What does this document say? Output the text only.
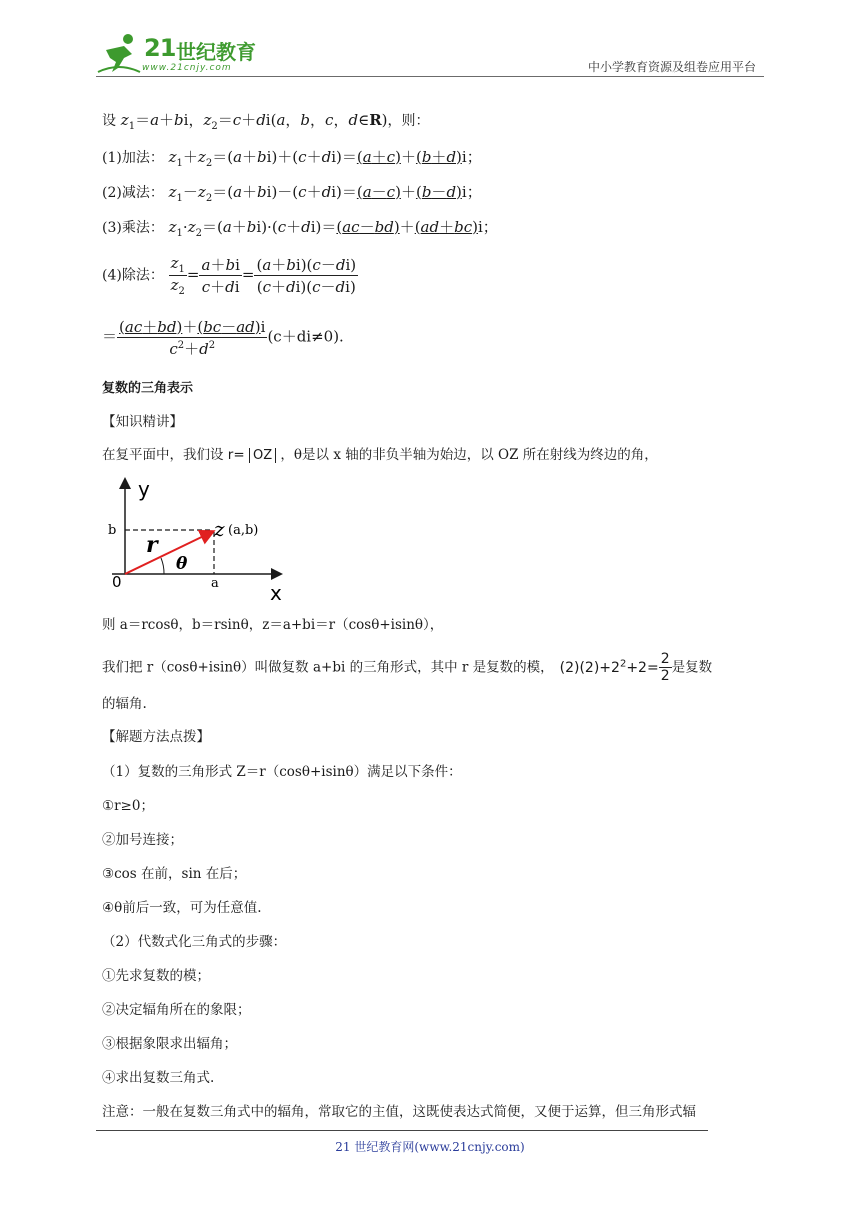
21 世纪教育
www.21cnjy.com	中小学教育资源及组卷应用平台
设 $z_1=a+bi$，$z_2=c+di(a$，b，c，d∈R)，则：
(1)加法： $z_1+z_2=(a+bi)+(c+di)=(a+c)+(b+d)i$；
(2)减法： $z_1-z_2=(a+bi)-(c+di)=(a-c)+(b-d)i$；
(3)乘法： $z_1\cdot z_2=(a+bi)\cdot(c+di)=(ac-bd)+(ad+bc)i$；
(4)除法： $\frac{z_1}{z_2} = \frac{a+bi}{c+di} = \frac{(a+bi)(c-di)}{(c+di)(c-di)}$
＝ $\frac{(ac+bd)+(bc-ad)i}{c^2+d^2} (c+di\ne 0)$.
复数的三角表示
【知识精讲】
在复平面中，我们设 r= OZ ，θ是以 x 轴的非负半轴为始边，以 OZ 所在射线为终边的角，
y
x
b
a
0
r
θ
z (a,b)
则 a＝rcosθ，b＝rsinθ，z＝a+bi＝r（cosθ+isinθ），
我们把 r（cosθ+isinθ）叫做复数 a+bi 的三角形式，其中 r 是复数的模， $(2)(2)+2^2+2= \frac{2}{2}$ 是复数
的辐角.
【解题方法点拨】
（1）复数的三角形式 Z＝r（cosθ+isinθ）满足以下条件：
①r≥0；
②加号连接；
③cos 在前，sin 在后；
④θ前后一致，可为任意值.
（2）代数式化三角式的步骤：
①先求复数的模；
②决定辐角所在的象限；
③根据象限求出辐角；
④求出复数三角式.
注意：一般在复数三角式中的辐角，常取它的主值，这既使表达式简便，又便于运算，但三角形式辐
21 世纪教育网(www.21cnjy.com)
